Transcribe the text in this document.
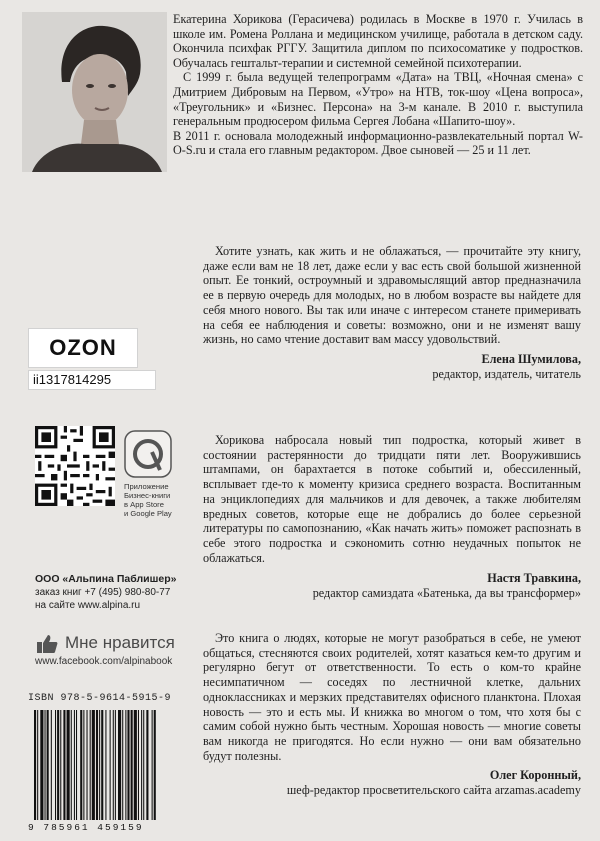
Екатерина Хорикова (Герасичева) родилась в Москве в 1970 г. Училась в школе им. Ромена Роллана и медицинском училище, работала в детском саду. Окончила психфак РГГУ. Защитила диплом по психосоматике у подростков. Обучалась гештальт-терапии и системной семейной психотерапии.

С 1999 г. была ведущей телепрограмм «Дата» на ТВЦ, «Ночная смена» с Дмитрием Дибровым на Первом, «Утро» на НТВ, ток-шоу «Цена вопроса», «Треугольник» и «Бизнес. Персона» на 3-м канале. В 2010 г. выступила генеральным продюсером фильма Сергея Лобана «Шапито-шоу».

В 2011 г. основала молодежный информационно-развлекательный портал W-O-S.ru и стала его главным редактором. Двое сыновей — 25 и 11 лет.

Хотите узнать, как жить и не облажаться, — прочитайте эту книгу, даже если вам не 18 лет, даже если у вас есть свой большой жизненной опыт. Ее тонкий, остроумный и здравомыслящий автор предназначила ее в первую очередь для молодых, но в любом возрасте вы найдете для себя много нового. Вы так или иначе с интересом станете примеривать на себя ее наблюдения и советы: возможно, они и не изменят вашу жизнь, но само чтение доставит вам массу удовольствий.

Елена Шумилова,
редактор, издатель, читатель

Хорикова набросала новый тип подростка, который живет в состоянии растерянности до тридцати пяти лет. Вооружившись штампами, он барахтается в потоке событий и, обессиленный, всплывает где-то к моменту кризиса среднего возраста. Воспитанным на энциклопедиях для мальчиков и для девочек, а также любителям вредных советов, которые еще не добрались до более серьезной литературы по самопознанию, «Как начать жить» поможет распознать в себе этого подростка и сэкономить сотню неудачных попыток не облажаться.

Настя Травкина,
редактор самиздата «Батенька, да вы трансформер»

Это книга о людях, которые не могут разобраться в себе, не умеют общаться, стесняются своих родителей, хотят казаться кем-то другим и регулярно бегут от ответственности. То есть о ком-то крайне несимпатичном — соседях по лестничной клетке, дальних одноклассниках и мерзких представителях офисного планктона. Плохая новость — это и есть мы. И книжка во многом о том, что хотя бы с самим собой нужно быть честным. Хорошая новость — многие советы вам никогда не пригодятся. Но если нужно — они вам обязательно будут полезны.

Олег Коронный,
шеф-редактор просветительского сайта arzamas.academy
OZON
ii1317814295
Приложение
Бизнес-книги
в App Store
и Google Play
ООО «Альпина Паблишер»
заказ книг +7 (495) 980-80-77
на сайте www.alpina.ru
Мне нравится
www.facebook.com/alpinabook
ISBN 978-5-9614-5915-9
9 785961 459159
